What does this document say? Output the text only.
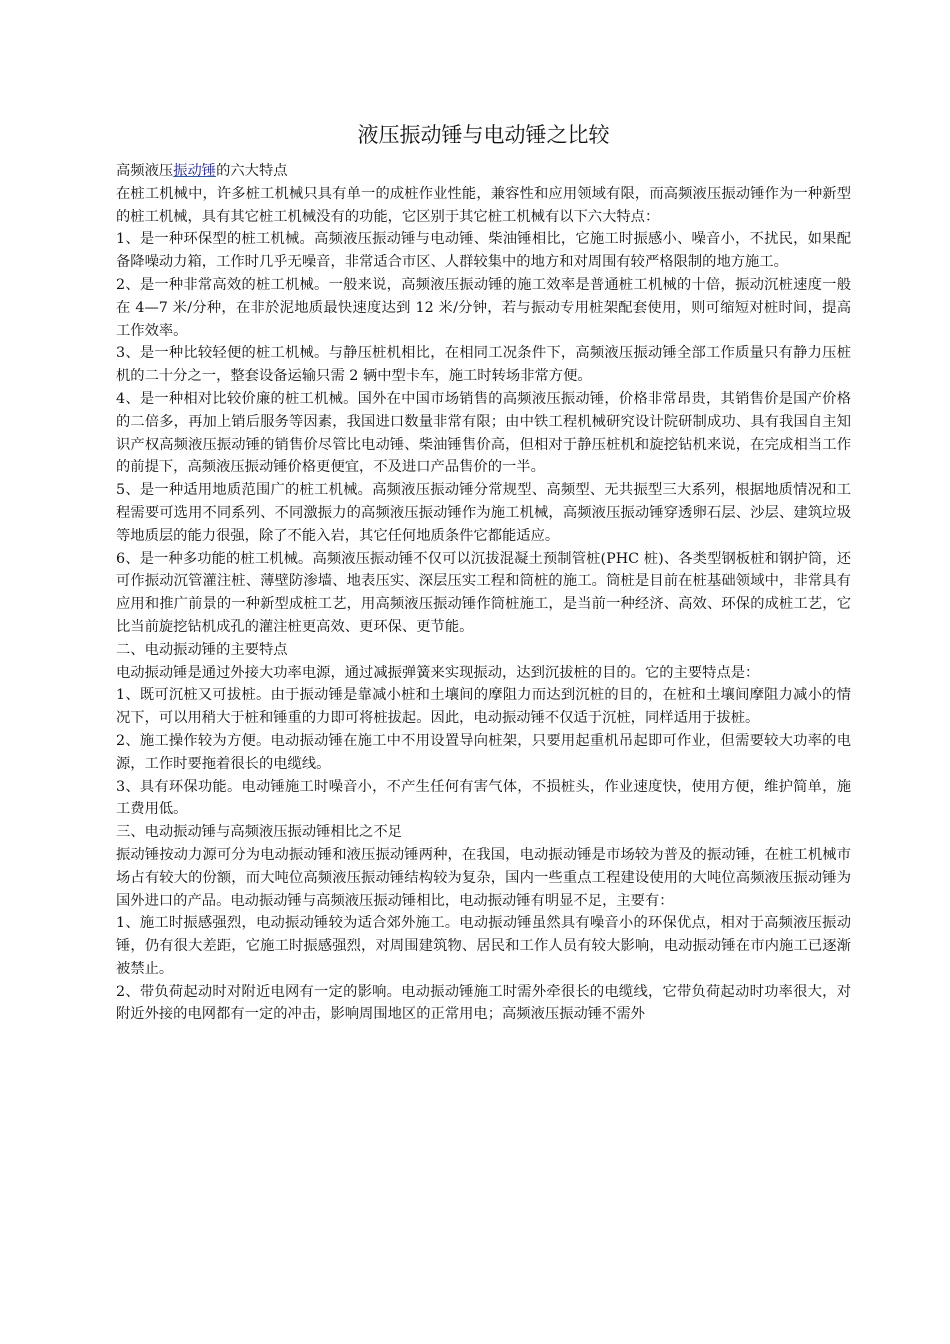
液压振动锤与电动锤之比较

高频液压振动锤的六大特点

在桩工机械中，许多桩工机械只具有单一的成桩作业性能，兼容性和应用领域有限，而高频液压振动锤作为一种新型的桩工机械，具有其它桩工机械没有的功能，它区别于其它桩工机械有以下六大特点：

1、是一种环保型的桩工机械。高频液压振动锤与电动锤、柴油锤相比，它施工时振感小、噪音小，不扰民，如果配备降噪动力箱，工作时几乎无噪音，非常适合市区、人群较集中的地方和对周围有较严格限制的地方施工。

2、是一种非常高效的桩工机械。一般来说，高频液压振动锤的施工效率是普通桩工机械的十倍，振动沉桩速度一般在 4—7 米/分种，在非於泥地质最快速度达到 12 米/分钟，若与振动专用桩架配套使用，则可缩短对桩时间，提高工作效率。

3、是一种比较轻便的桩工机械。与静压桩机相比，在相同工况条件下，高频液压振动锤全部工作质量只有静力压桩机的二十分之一，整套设备运输只需 2 辆中型卡车，施工时转场非常方便。

4、是一种相对比较价廉的桩工机械。国外在中国市场销售的高频液压振动锤，价格非常昂贵，其销售价是国产价格的二倍多，再加上销后服务等因素，我国进口数量非常有限；由中铁工程机械研究设计院研制成功、具有我国自主知识产权高频液压振动锤的销售价尽管比电动锤、柴油锤售价高，但相对于静压桩机和旋挖钻机来说，在完成相当工作的前提下，高频液压振动锤价格更便宜，不及进口产品售价的一半。

5、是一种适用地质范围广的桩工机械。高频液压振动锤分常规型、高频型、无共振型三大系列，根据地质情况和工程需要可选用不同系列、不同激振力的高频液压振动锤作为施工机械，高频液压振动锤穿透卵石层、沙层、建筑垃圾等地质层的能力很强，除了不能入岩，其它任何地质条件它都能适应。

6、是一种多功能的桩工机械。高频液压振动锤不仅可以沉拔混凝土预制管桩(PHC 桩)、各类型钢板桩和钢护筒，还可作振动沉管灌注桩、薄壁防渗墙、地表压实、深层压实工程和筒桩的施工。筒桩是目前在桩基础领域中，非常具有应用和推广前景的一种新型成桩工艺，用高频液压振动锤作筒桩施工，是当前一种经济、高效、环保的成桩工艺，它比当前旋挖钻机成孔的灌注桩更高效、更环保、更节能。

二、电动振动锤的主要特点

电动振动锤是通过外接大功率电源，通过减振弹簧来实现振动，达到沉拔桩的目的。它的主要特点是：

1、既可沉桩又可拔桩。由于振动锤是靠减小桩和土壤间的摩阻力而达到沉桩的目的，在桩和土壤间摩阻力减小的情况下，可以用稍大于桩和锤重的力即可将桩拔起。因此，电动振动锤不仅适于沉桩，同样适用于拔桩。

2、施工操作较为方便。电动振动锤在施工中不用设置导向桩架，只要用起重机吊起即可作业，但需要较大功率的电源，工作时要拖着很长的电缆线。

3、具有环保功能。电动锤施工时噪音小，不产生任何有害气体，不损桩头，作业速度快，使用方便，维护简单，施工费用低。

三、电动振动锤与高频液压振动锤相比之不足

振动锤按动力源可分为电动振动锤和液压振动锤两种，在我国，电动振动锤是市场较为普及的振动锤，在桩工机械市场占有较大的份额，而大吨位高频液压振动锤结构较为复杂，国内一些重点工程建设使用的大吨位高频液压振动锤为国外进口的产品。电动振动锤与高频液压振动锤相比，电动振动锤有明显不足，主要有：

1、施工时振感强烈，电动振动锤较为适合郊外施工。电动振动锤虽然具有噪音小的环保优点，相对于高频液压振动锤，仍有很大差距，它施工时振感强烈，对周围建筑物、居民和工作人员有较大影响，电动振动锤在市内施工已逐渐被禁止。

2、带负荷起动时对附近电网有一定的影响。电动振动锤施工时需外牵很长的电缆线，它带负荷起动时功率很大，对附近外接的电网都有一定的冲击，影响周围地区的正常用电；高频液压振动锤不需外
